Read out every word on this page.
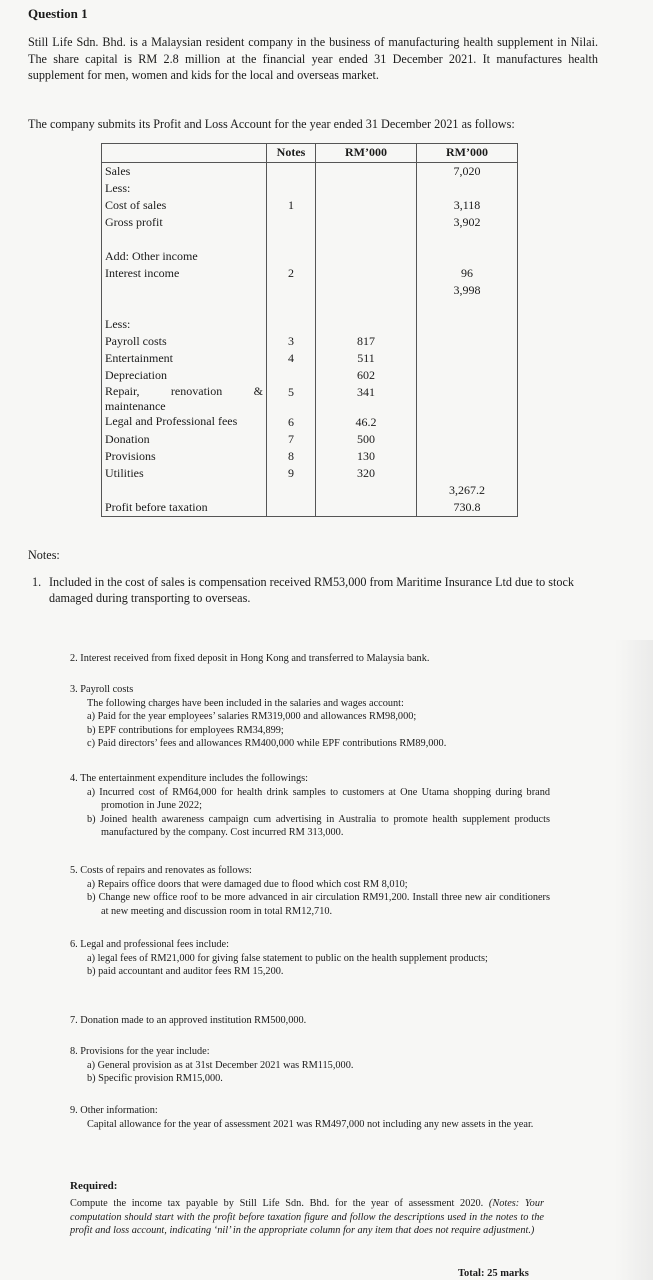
Question 1
Still Life Sdn. Bhd. is a Malaysian resident company in the business of manufacturing health supplement in Nilai. The share capital is RM 2.8 million at the financial year ended 31 December 2021. It manufactures health supplement for men, women and kids for the local and overseas market.
The company submits its Profit and Loss Account for the year ended 31 December 2021 as follows:
	Notes	RM’000	RM’000
Sales			7,020
Less:			
Cost of sales	1		3,118
Gross profit			3,902

Add: Other income			
Interest income	2		96
			3,998

Less:			
Payroll costs	3	817	
Entertainment	4	511	
Depreciation		602	
Repair, renovation & maintenance	5	341	
Legal and Professional fees	6	46.2	
Donation	7	500	
Provisions	8	130	
Utilities	9	320	
			3,267.2
Profit before taxation			730.8
Notes:
1. Included in the cost of sales is compensation received RM53,000 from Maritime Insurance Ltd due to stock damaged during transporting to overseas.
2. Interest received from fixed deposit in Hong Kong and transferred to Malaysia bank.
3. Payroll costs
The following charges have been included in the salaries and wages account:
a) Paid for the year employees’ salaries RM319,000 and allowances RM98,000;
b) EPF contributions for employees RM34,899;
c) Paid directors’ fees and allowances RM400,000 while EPF contributions RM89,000.
4. The entertainment expenditure includes the followings:
a) Incurred cost of RM64,000 for health drink samples to customers at One Utama shopping during brand promotion in June 2022;
b) Joined health awareness campaign cum advertising in Australia to promote health supplement products manufactured by the company. Cost incurred RM 313,000.
5. Costs of repairs and renovates as follows:
a) Repairs office doors that were damaged due to flood which cost RM 8,010;
b) Change new office roof to be more advanced in air circulation RM91,200. Install three new air conditioners at new meeting and discussion room in total RM12,710.
6. Legal and professional fees include:
a) legal fees of RM21,000 for giving false statement to public on the health supplement products;
b) paid accountant and auditor fees RM 15,200.
7. Donation made to an approved institution RM500,000.
8. Provisions for the year include:
a) General provision as at 31st December 2021 was RM115,000.
b) Specific provision RM15,000.
9. Other information:
Capital allowance for the year of assessment 2021 was RM497,000 not including any new assets in the year.
Required:
Compute the income tax payable by Still Life Sdn. Bhd. for the year of assessment 2020. (Notes: Your computation should start with the profit before taxation figure and follow the descriptions used in the notes to the profit and loss account, indicating ‘nil’ in the appropriate column for any item that does not require adjustment.)
Total: 25 marks
